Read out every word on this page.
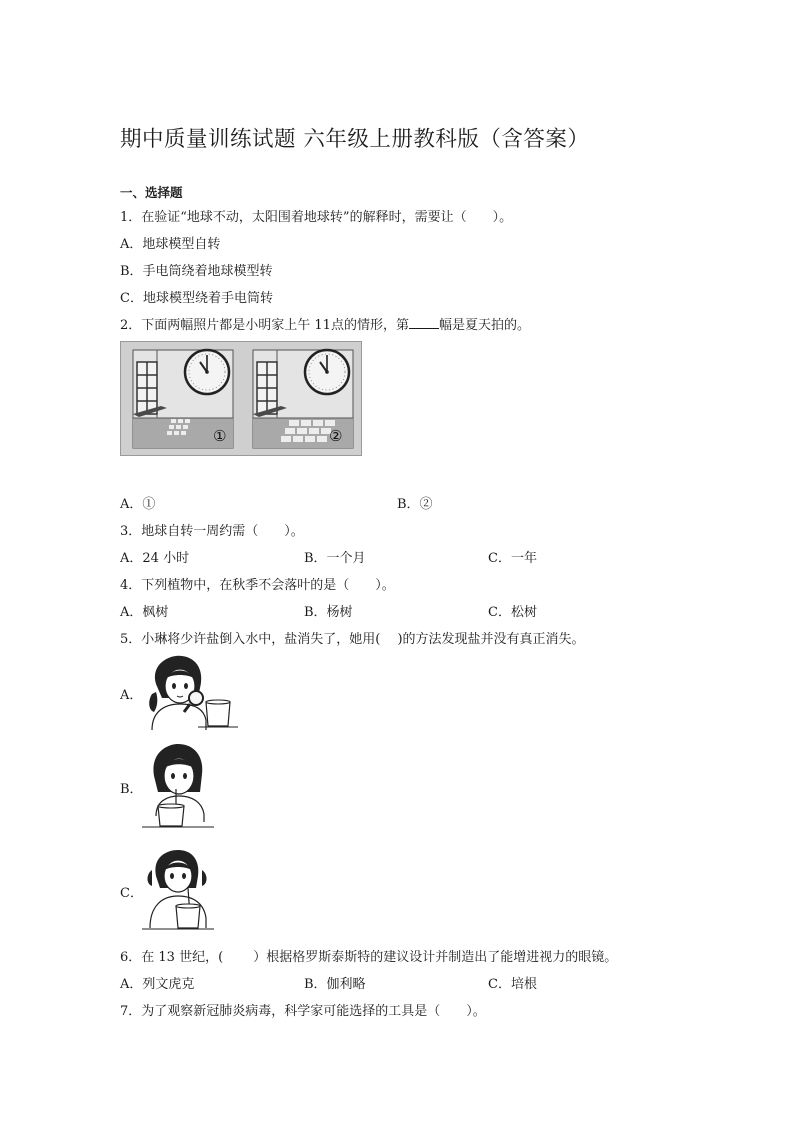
期中质量训练试题 六年级上册教科版（含答案）
一、选择题
1．在验证“地球不动，太阳围着地球转”的解释时，需要让（　　）。
A．地球模型自转
B．手电筒绕着地球模型转
C．地球模型绕着手电筒转
2．下面两幅照片都是小明家上午 11点的情形，第 幅是夏天拍的。
①	②
A．①	B．②
3．地球自转一周约需（　　）。
A．24 小时	B．一个月	C．一年
4．下列植物中，在秋季不会落叶的是（　　）。
A．枫树	B．杨树	C．松树
5．小琳将少许盐倒入水中，盐消失了，她用(　 )的方法发现盐并没有真正消失。
A．
B．
C．
6．在 13 世纪，(　　 ）根据格罗斯泰斯特的建议设计并制造出了能增进视力的眼镜。
A．列文虎克	B．伽利略	C．培根
7．为了观察新冠肺炎病毒，科学家可能选择的工具是（　　）。
